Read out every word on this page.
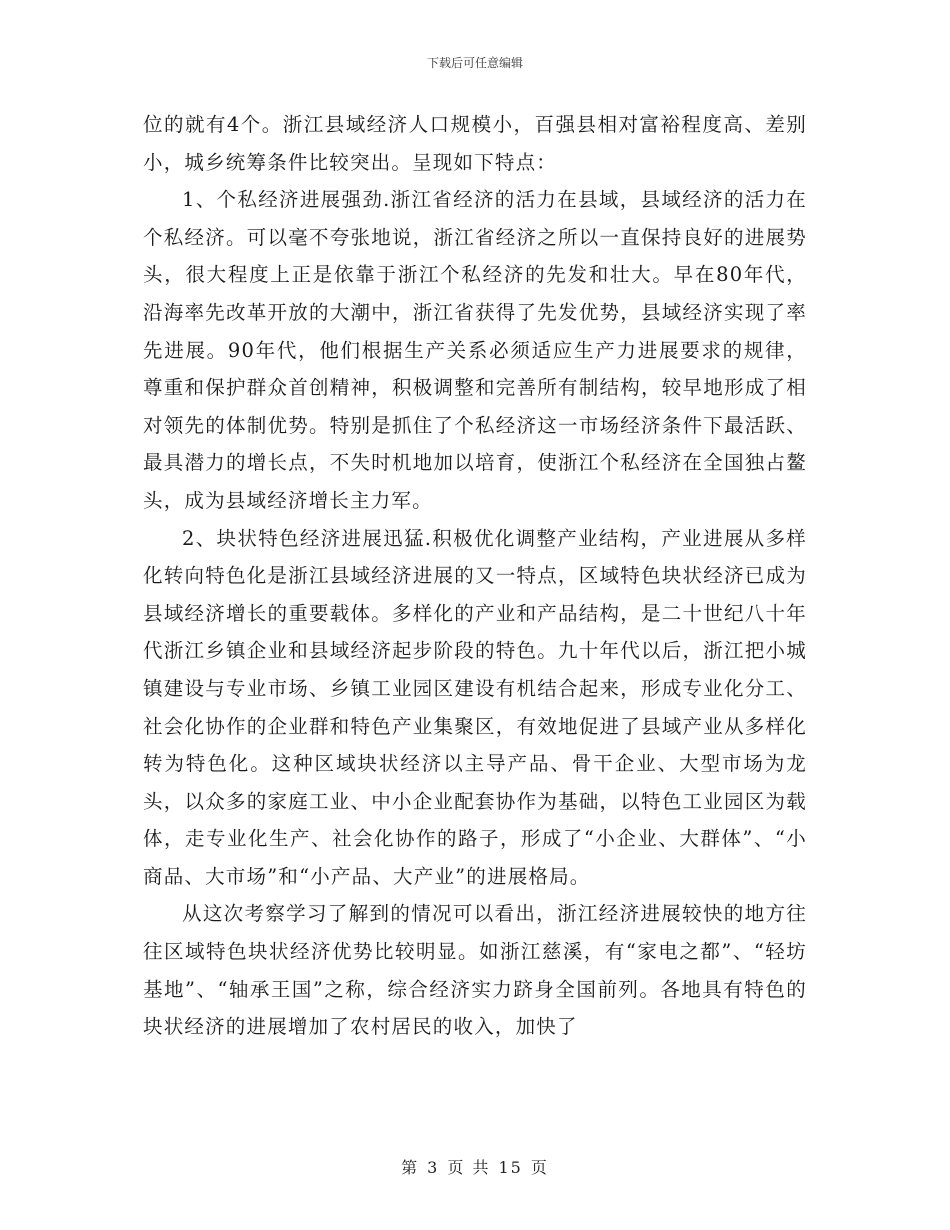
下载后可任意编辑

位的就有4个。浙江县域经济人口规模小，百强县相对富裕程度高、差别小，城乡统筹条件比较突出。呈现如下特点：

1、个私经济进展强劲.浙江省经济的活力在县域，县域经济的活力在个私经济。可以毫不夸张地说，浙江省经济之所以一直保持良好的进展势头，很大程度上正是依靠于浙江个私经济的先发和壮大。早在80年代，沿海率先改革开放的大潮中，浙江省获得了先发优势，县域经济实现了率先进展。90年代，他们根据生产关系必须适应生产力进展要求的规律，尊重和保护群众首创精神，积极调整和完善所有制结构，较早地形成了相对领先的体制优势。特别是抓住了个私经济这一市场经济条件下最活跃、最具潜力的增长点，不失时机地加以培育，使浙江个私经济在全国独占鳌头，成为县域经济增长主力军。

2、块状特色经济进展迅猛.积极优化调整产业结构，产业进展从多样化转向特色化是浙江县域经济进展的又一特点，区域特色块状经济已成为县域经济增长的重要载体。多样化的产业和产品结构，是二十世纪八十年代浙江乡镇企业和县域经济起步阶段的特色。九十年代以后，浙江把小城镇建设与专业市场、乡镇工业园区建设有机结合起来，形成专业化分工、社会化协作的企业群和特色产业集聚区，有效地促进了县域产业从多样化转为特色化。这种区域块状经济以主导产品、骨干企业、大型市场为龙头，以众多的家庭工业、中小企业配套协作为基础，以特色工业园区为载体，走专业化生产、社会化协作的路子，形成了“小企业、大群体”、“小商品、大市场”和“小产品、大产业”的进展格局。

从这次考察学习了解到的情况可以看出，浙江经济进展较快的地方往往区域特色块状经济优势比较明显。如浙江慈溪，有“家电之都”、“轻坊基地”、“轴承王国”之称，综合经济实力跻身全国前列。各地具有特色的块状经济的进展增加了农村居民的收入，加快了

第 3 页 共 15 页
